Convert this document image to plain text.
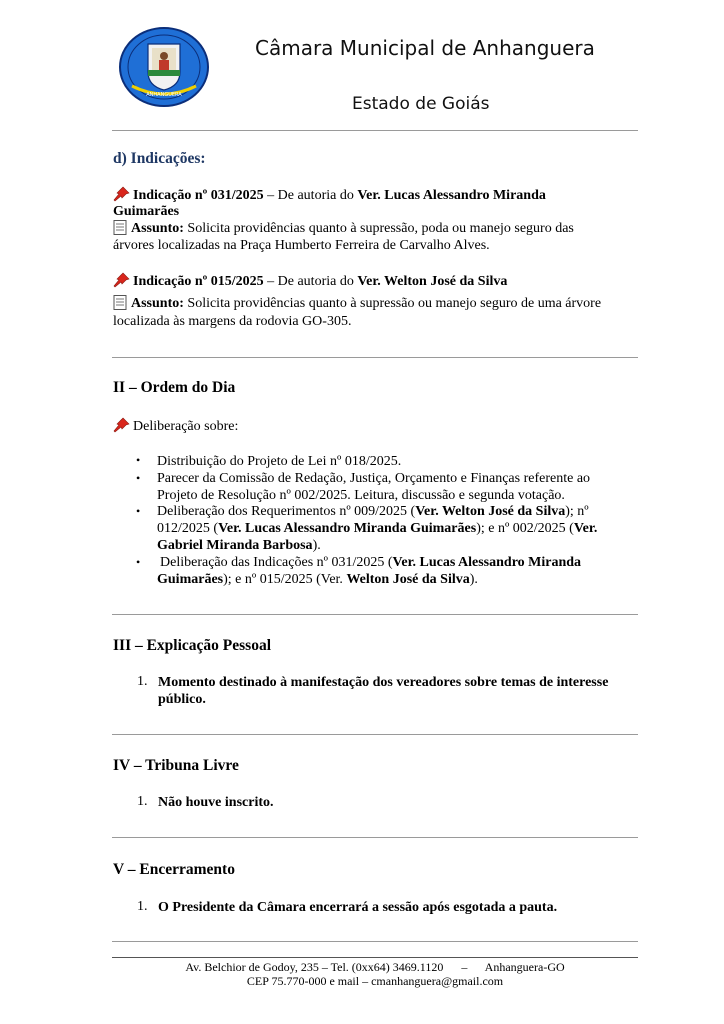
ANHANGUERA
Câmara Municipal de Anhanguera
Estado de Goiás
d) Indicações:
Indicação nº 031/2025 – De autoria do Ver. Lucas Alessandro Miranda
Guimarães
Assunto: Solicita providências quanto à supressão, poda ou manejo seguro das
árvores localizadas na Praça Humberto Ferreira de Carvalho Alves.
Indicação nº 015/2025 – De autoria do Ver. Welton José da Silva
Assunto: Solicita providências quanto à supressão ou manejo seguro de uma árvore
localizada às margens da rodovia GO-305.
II – Ordem do Dia
Deliberação sobre:
• Distribuição do Projeto de Lei nº 018/2025.
• Parecer da Comissão de Redação, Justiça, Orçamento e Finanças referente ao
Projeto de Resolução nº 002/2025. Leitura, discussão e segunda votação.
• Deliberação dos Requerimentos nº 009/2025 (Ver. Welton José da Silva); nº
012/2025 (Ver. Lucas Alessandro Miranda Guimarães); e nº 002/2025 (Ver.
Gabriel Miranda Barbosa).
• Deliberação das Indicações nº 031/2025 (Ver. Lucas Alessandro Miranda
Guimarães); e nº 015/2025 (Ver. Welton José da Silva).
III – Explicação Pessoal
1. Momento destinado à manifestação dos vereadores sobre temas de interesse
público.
IV – Tribuna Livre
1. Não houve inscrito.
V – Encerramento
1. O Presidente da Câmara encerrará a sessão após esgotada a pauta.
Av. Belchior de Godoy, 235 – Tel. (0xx64) 3469.1120      –      Anhanguera-GO
CEP 75.770-000 e mail – cmanhanguera@gmail.com
